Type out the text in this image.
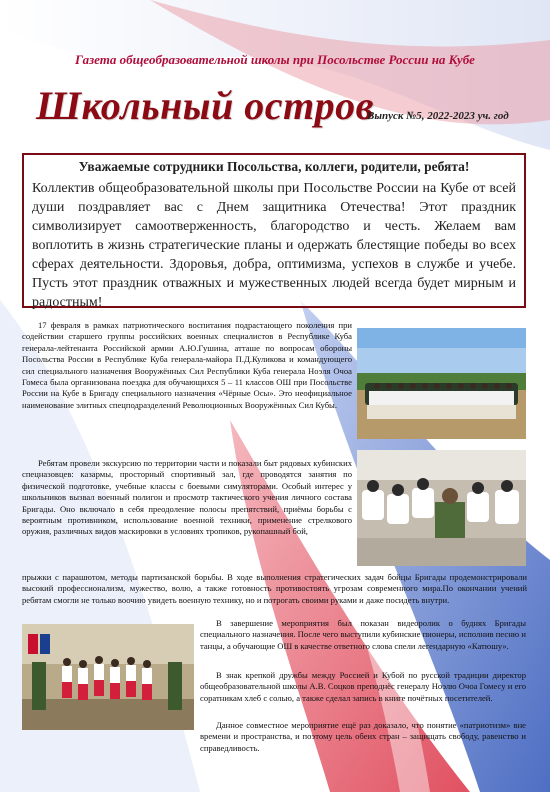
Газета общеобразовательной школы при Посольстве России на Кубе
Школьный остров
Выпуск №5, 2022-2023 уч. год
Уважаемые сотрудники Посольства, коллеги, родители, ребята!
Коллектив общеобразовательной школы при Посольстве России на Кубе от всей души поздравляет вас с Днем защитника Отечества! Этот праздник символизирует самоотверженность, благородство и честь. Желаем вам воплотить в жизнь стратегические планы и одержать блестящие победы во всех сферах деятельности. Здоровья, добра, оптимизма, успехов в службе и учебе. Пусть этот праздник отважных и мужественных людей всегда будет мирным и радостным!
17 февраля в рамках патриотического воспитания подрастающего поколения при содействии старшего группы российских военных специалистов в Республике Куба генерала-лейтенанта Российской армии А.Ю.Гушина, атташе по вопросам обороны Посольства России в Республике Куба генерала-майора П.Д.Куликова и командующего сил специального назначения Вооружённых Сил Республики Куба генерала Ноэля Очоа Гомеса была организована поездка для обучающихся 5 – 11 классов ОШ при Посольстве России на Кубе в Бригаду специального назначения «Чёрные Осы». Это неофициальное наименование элитных спецподразделений Революционных Вооружённых Сил Кубы.
Ребятам провели экскурсию по территории части и показали быт рядовых кубинских спецназовцев: казармы, просторный спортивный зал, где проводятся занятия по физической подготовке, учебные классы с боевыми симуляторами. Особый интерес у школьников вызвал военный полигон и просмотр тактического учения личного состава Бригады. Оно включало в себя преодоление полосы препятствий, приёмы борьбы с вероятным противником, использование военной техники, применение стрелкового оружия, различных видов маскировки в условиях тропиков, рукопашный бой,
прыжки с парашютом, методы партизанской борьбы. В ходе выполнения стратегических задач бойцы Бригады продемонстрировали высокий профессионализм, мужество, волю, а также готовность противостоять угрозам современного мира.По окончании учений ребятам смогли не только воочию увидеть военную технику, но и потрогать своими руками и даже посидеть внутри.
В завершение мероприятия был показан видеоролик о буднях Бригады специального назначения. После чего выступили кубинские пионеры, исполнив песню и танцы, а обучающие ОШ в качестве ответного слова спели легендарную «Катюшу».
В знак крепкой дружбы между Россией и Кубой по русской традиции директор общеобразовательной школы А.В. Соцков преподнёс генералу Ноэлю Очоа Гомесу и его соратникам хлеб с солью, а также сделал запись в книге почётных посетителей.
Данное совместное мероприятие ещё раз доказало, что понятие «патриотизм» вне времени и пространства, и поэтому цель обеих стран – защищать свободу, равенство и справедливость.
